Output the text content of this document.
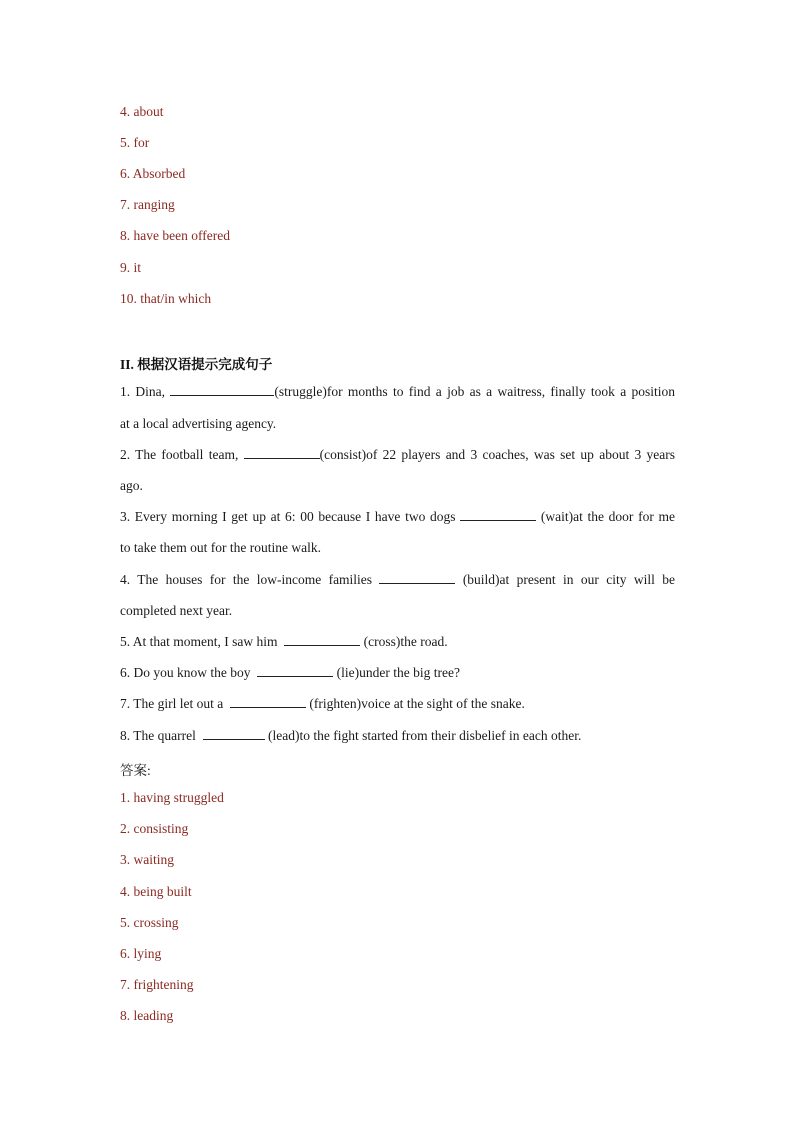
4. about
5. for
6. Absorbed
7. ranging
8. have been offered
9. it
10. that/in which
II. 根据汉语提示完成句子
1. Dina,	(struggle)for months to find a job as a waitress, finally took a position
at a local advertising agency.
2. The football team,	(consist)of 22 players and 3 coaches, was set up about 3 years
ago.
3. Every morning I get up at 6: 00 because I have two dogs	(wait)at the door for me
to take them out for the routine walk.
4. The houses for the low-income families	(build)at present in our city will be
completed next year.
5. At that moment, I saw him	(cross)the road.
6. Do you know the boy	(lie)under the big tree?
7. The girl let out a	(frighten)voice at the sight of the snake.
8. The quarrel	(lead)to the fight started from their disbelief in each other.
答案:
1. having struggled
2. consisting
3. waiting
4. being built
5. crossing
6. lying
7. frightening
8. leading
